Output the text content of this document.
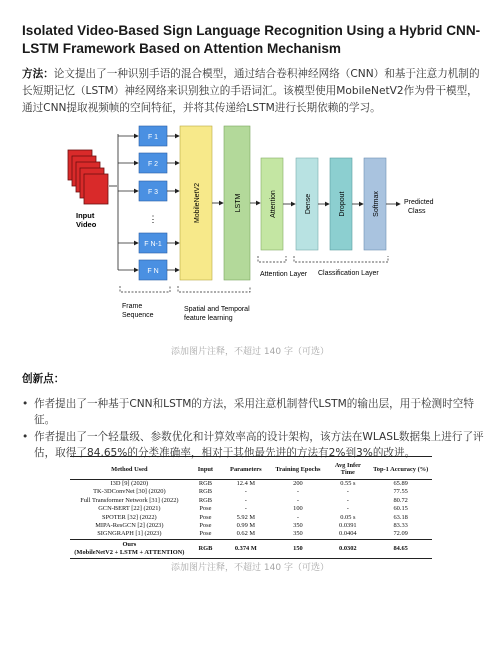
Isolated Video-Based Sign Language Recognition Using a Hybrid CNN-LSTM Framework Based on Attention Mechanism
方法：论文提出了一种识别手语的混合模型，通过结合卷积神经网络（CNN）和基于注意力机制的长短期记忆（LSTM）神经网络来识别独立的手语词汇。该模型使用MobileNetV2作为骨干模型，通过CNN提取视频帧的空间特征，并将其传递给LSTM进行长期依赖的学习。
Input
Video
F 1
F 2
F 3
⋮
F N-1
F N
Frame
Sequence
MobileNetV2	LSTM
Spatial and Temporal
feature learning
Attention	Dense	Dropout	Softmax	Predicted
Class
Attention Layer Classification Layer
添加图片注释，不超过 140 字（可选）
创新点：
• 作者提出了一种基于CNN和LSTM的方法，采用注意机制替代LSTM的输出层，用于检测时空特征。
• 作者提出了一个轻量级、参数优化和计算效率高的设计架构，该方法在WLASL数据集上进行了评估，取得了84.65%的分类准确率，相对于其他最先进的方法有2%到3%的改进。
Method Used	Input	Parameters	Training Epochs	Avg Infer Time	Top-1 Accuracy (%)
I3D [9] (2020)	RGB	12.4 M	200	0.55 s	65.89
TK-3DConvNet [30] (2020)	RGB	-	-	-	77.55
Full Transformer Network [31] (2022)	RGB	-	-	-	80.72
GCN-BERT [22] (2021)	Pose	-	100	-	60.15
SPOTER [32] (2022)	Pose	5.92 M	-	0.05 s	63.18
MIPA-ResGCN [2] (2023)	Pose	0.99 M	350	0.0391	83.33
SIGNGRAPH [1] (2023)	Pose	0.62 M	350	0.0404	72.09
Ours
(MobileNetV2 + LSTM + ATTENTION)	RGB	0.374 M	150	0.0302	84.65
添加图片注释，不超过 140 字（可选）
